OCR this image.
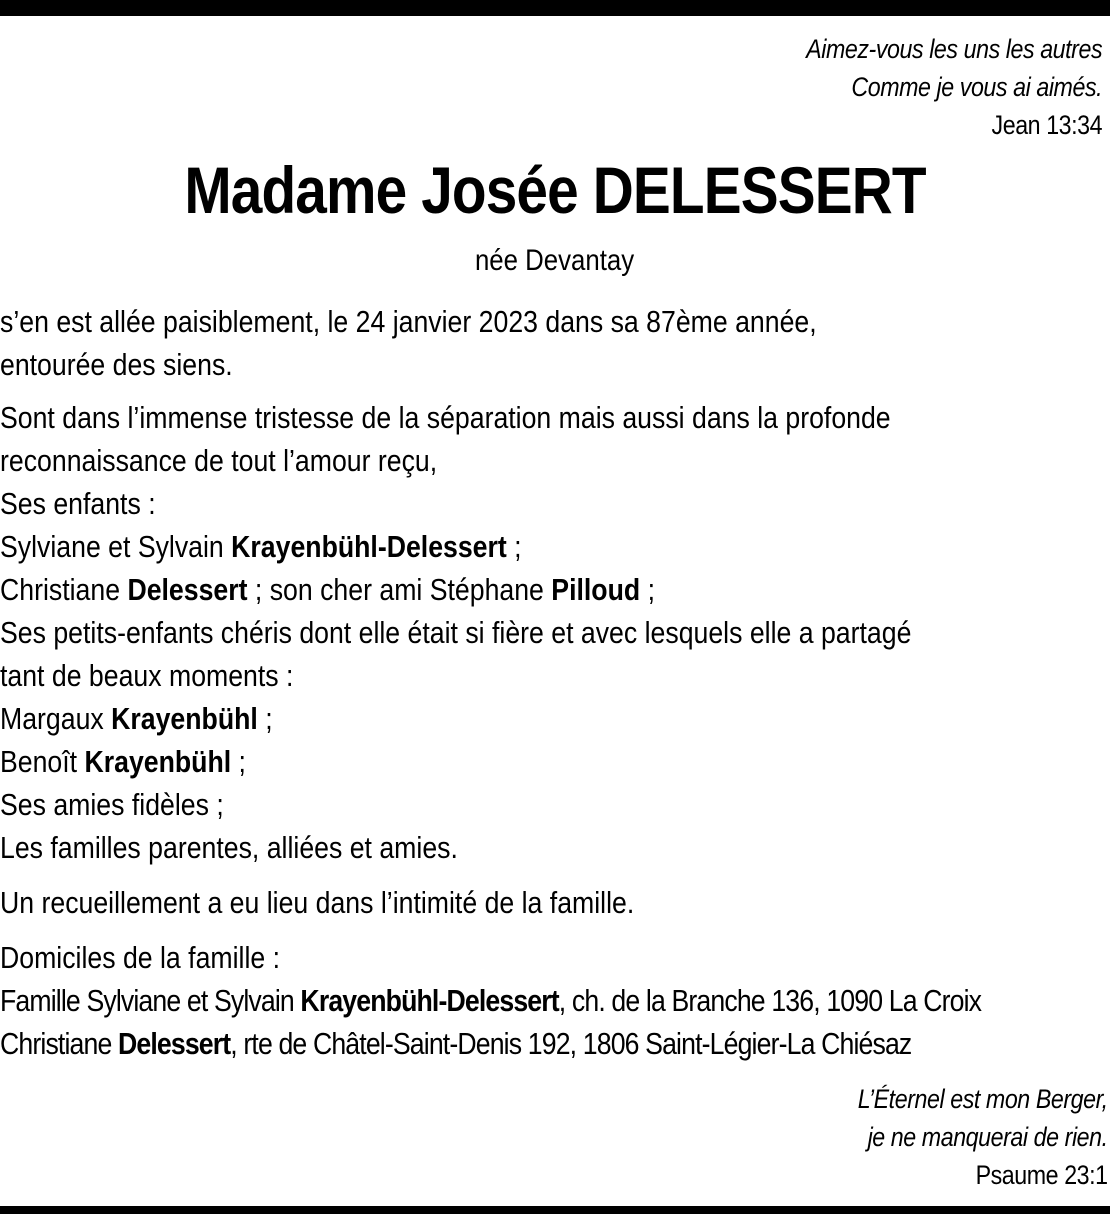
Aimez-vous les uns les autres
Comme je vous ai aimés.
Jean 13:34
Madame Josée DELESSERT
née Devantay
s’en est allée paisiblement, le 24 janvier 2023 dans sa 87ème année,
entourée des siens.
Sont dans l’immense tristesse de la séparation mais aussi dans la profonde
reconnaissance de tout l’amour reçu,
Ses enfants :
Sylviane et Sylvain Krayenbühl-Delessert ;
Christiane Delessert ; son cher ami Stéphane Pilloud ;
Ses petits-enfants chéris dont elle était si fière et avec lesquels elle a partagé
tant de beaux moments :
Margaux Krayenbühl ;
Benoît Krayenbühl ;
Ses amies fidèles ;
Les familles parentes, alliées et amies.
Un recueillement a eu lieu dans l’intimité de la famille.
Domiciles de la famille :
Famille Sylviane et Sylvain Krayenbühl-Delessert, ch. de la Branche 136, 1090 La Croix
Christiane Delessert, rte de Châtel-Saint-Denis 192, 1806 Saint-Légier-La Chiésaz
L’Éternel est mon Berger,
je ne manquerai de rien.
Psaume 23:1
